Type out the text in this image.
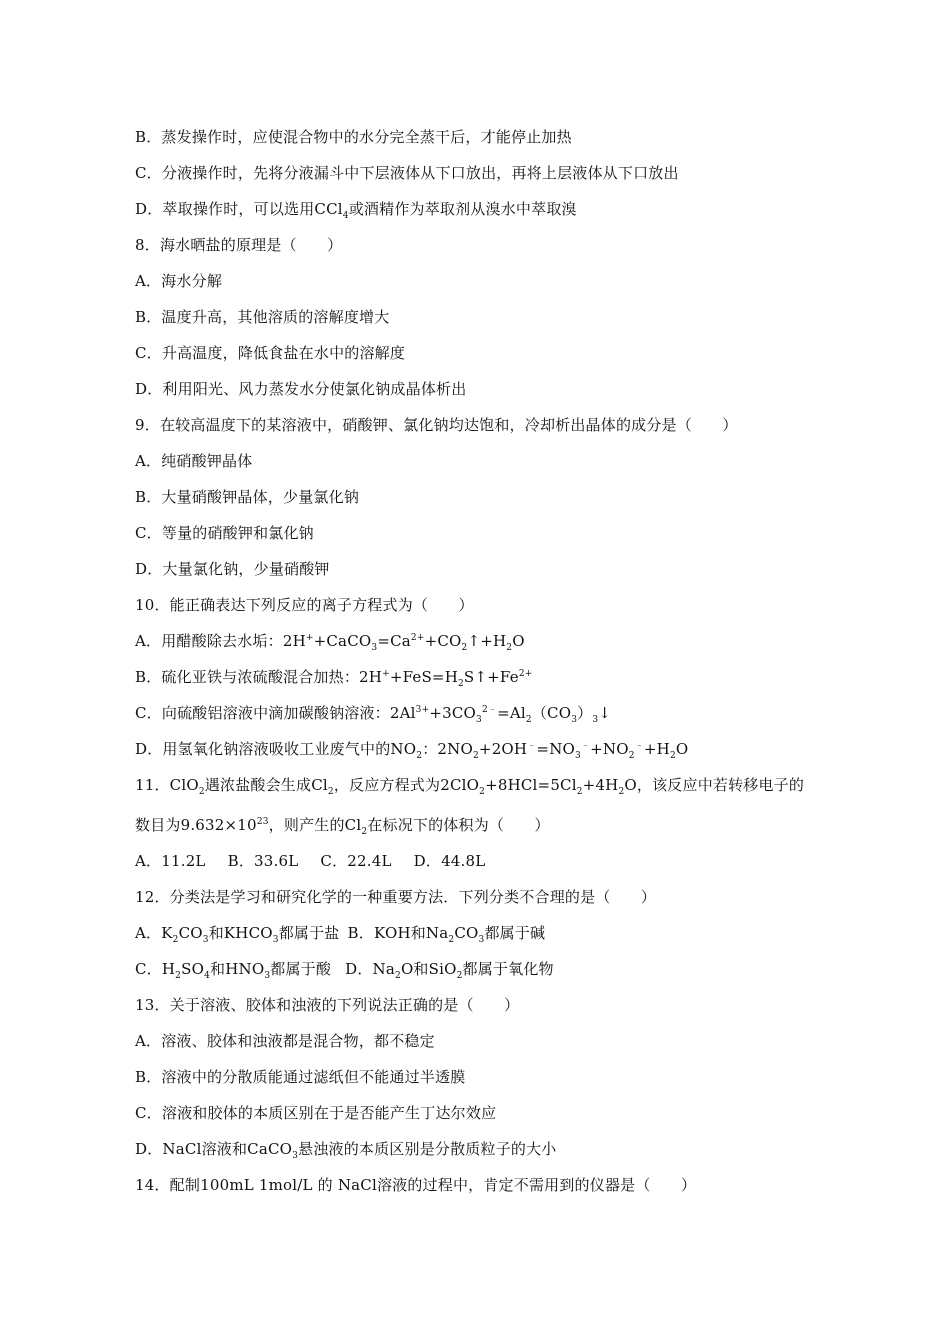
B．蒸发操作时，应使混合物中的水分完全蒸干后，才能停止加热
C．分液操作时，先将分液漏斗中下层液体从下口放出，再将上层液体从下口放出
D．萃取操作时，可以选用CCl$_4$或酒精作为萃取剂从溴水中萃取溴
8．海水晒盐的原理是（　　）
A．海水分解
B．温度升高，其他溶质的溶解度增大
C．升高温度，降低食盐在水中的溶解度
D．利用阳光、风力蒸发水分使氯化钠成晶体析出
9．在较高温度下的某溶液中，硝酸钾、氯化钠均达饱和，冷却析出晶体的成分是（　　）
A．纯硝酸钾晶体
B．大量硝酸钾晶体，少量氯化钠
C．等量的硝酸钾和氯化钠
D．大量氯化钠，少量硝酸钾
10．能正确表达下列反应的离子方程式为（　　）
A．用醋酸除去水垢：$2H^++CaCO_3=Ca^{2+}+CO_2↑+H_2O$
B．硫化亚铁与浓硫酸混合加热：$2H^++FeS=H_2S↑+Fe^{2+}$
C．向硫酸铝溶液中滴加碳酸钠溶液：$2Al^{3+}+3CO_3^{2﹣}=Al_2(CO_3)_3↓$
D．用氢氧化钠溶液吸收工业废气中的$NO_2$：$2NO_2+2OH^﹣=NO_3^﹣+NO_2^﹣+H_2O$
11．ClO$_2$遇浓盐酸会生成$Cl_2$，反应方程式为$2ClO_2+8HCl=5Cl_2+4H_2O$，该反应中若转移电子的
数目为$9.632\times 10^{23}$，则产生的$Cl_2$在标况下的体积为（　　）
A．11.2L B．33.6L C．22.4L D．44.8L
12．分类法是学习和研究化学的一种重要方法．下列分类不合理的是（　　）
A．$K_2CO_3$和$KHCO_3$都属于盐 B．KOH和$Na_2CO_3$都属于碱
C．$H_2SO_4$和$HNO_3$都属于酸 D．$Na_2O$和SiO$_2$都属于氧化物
13．关于溶液、胶体和浊液的下列说法正确的是（　　）
A．溶液、胶体和浊液都是混合物，都不稳定
B．溶液中的分散质能通过滤纸但不能通过半透膜
C．溶液和胶体的本质区别在于是否能产生丁达尔效应
D．NaCl溶液和CaCO$_3$悬浊液的本质区别是分散质粒子的大小
14．配制100mL 1mol/L 的 NaCl溶液的过程中，肯定不需用到的仪器是（　　）
